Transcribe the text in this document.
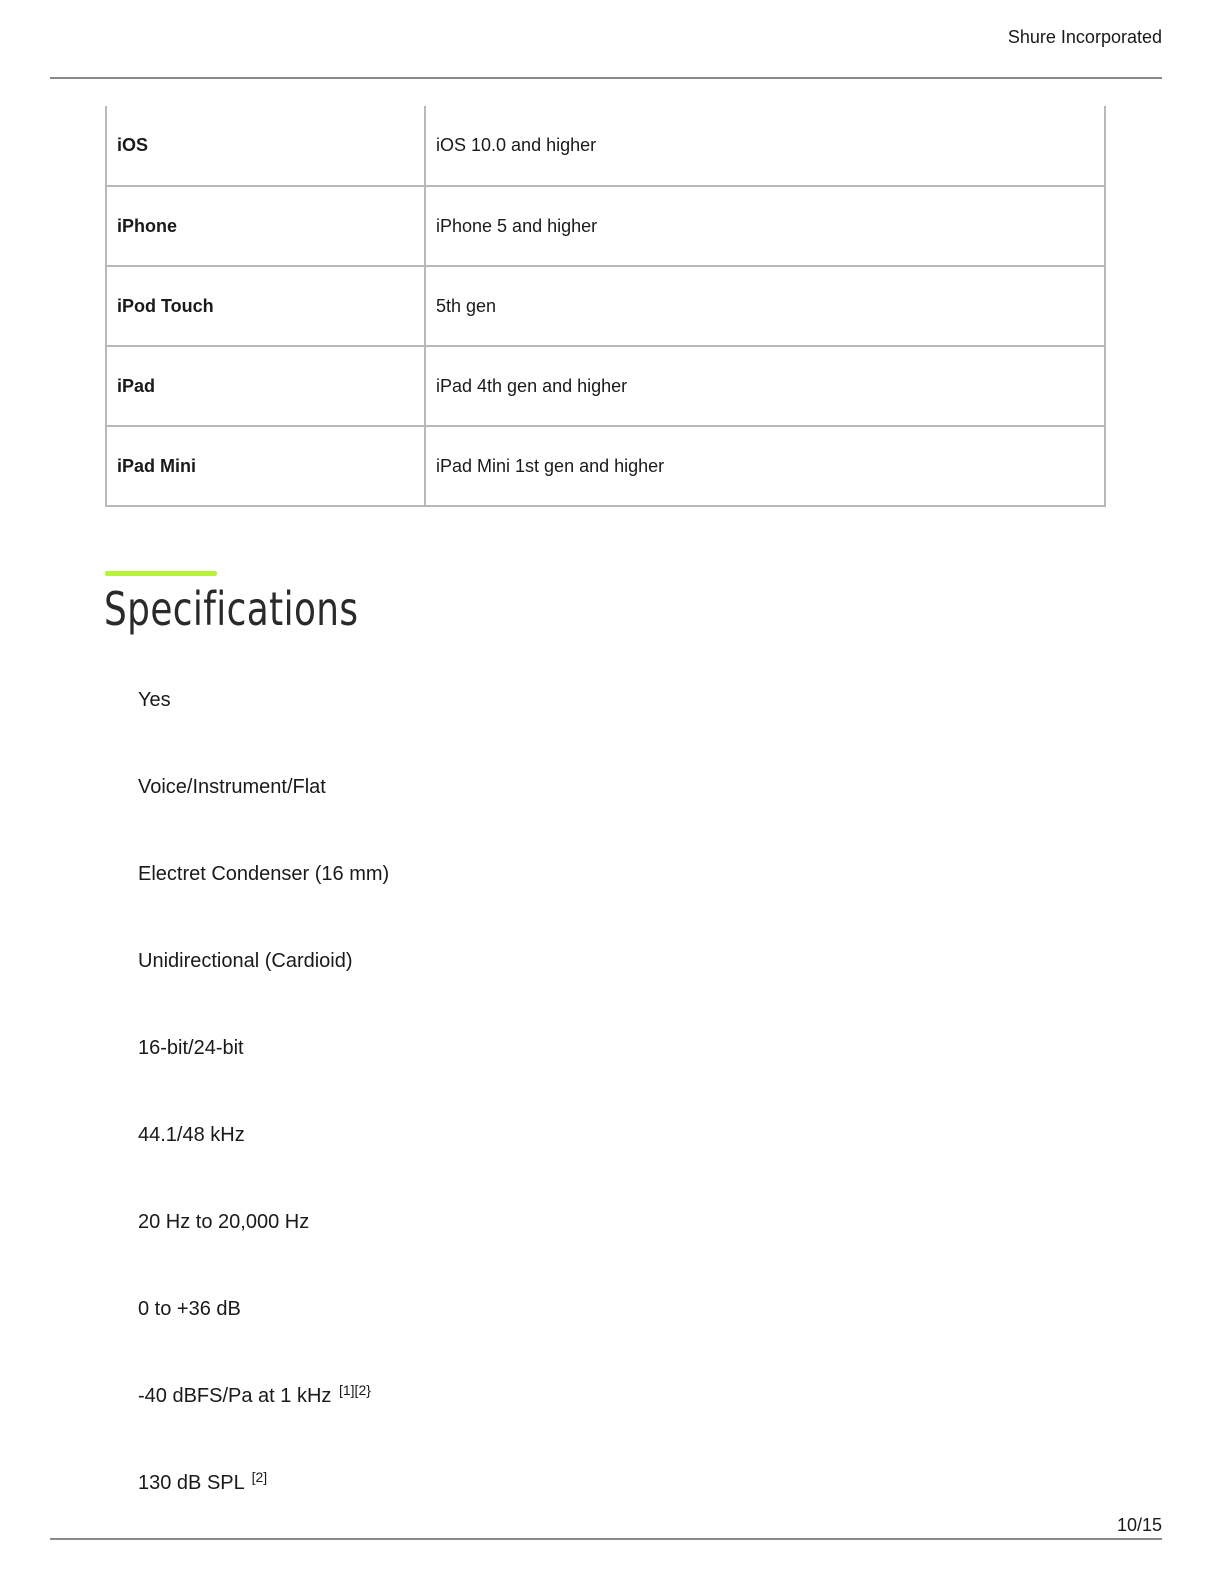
Shure Incorporated
iOS	iOS 10.0 and higher
iPhone	iPhone 5 and higher
iPod Touch	5th gen
iPad	iPad 4th gen and higher
iPad Mini	iPad Mini 1st gen and higher
Specifications
Yes
Voice/Instrument/Flat
Electret Condenser (16 mm)
Unidirectional (Cardioid)
16-bit/24-bit
44.1/48 kHz
20 Hz to 20,000 Hz
0 to +36 dB
-40 dBFS/Pa at 1 kHz $^{[1][2\}}$
130 dB SPL [2]
10/15
